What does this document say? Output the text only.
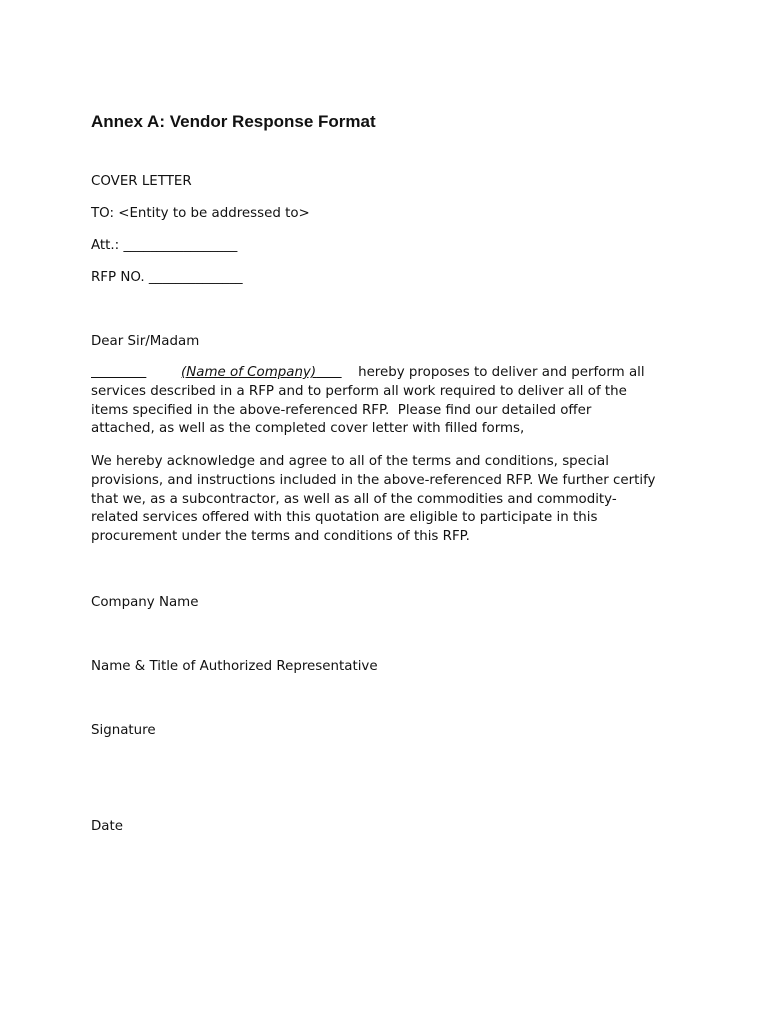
Annex A: Vendor Response Format
COVER LETTER
TO: <Entity to be addressed to>
Att.: _________________
RFP NO. ______________
Dear Sir/Madam
(Name of Company)	hereby proposes to deliver and perform all
services described in a RFP and to perform all work required to deliver all of the
items specified in the above-referenced RFP.  Please find our detailed offer
attached, as well as the completed cover letter with filled forms,
We hereby acknowledge and agree to all of the terms and conditions, special
provisions, and instructions included in the above-referenced RFP. We further certify
that we, as a subcontractor, as well as all of the commodities and commodity-
related services offered with this quotation are eligible to participate in this
procurement under the terms and conditions of this RFP.
Company Name
Name & Title of Authorized Representative
Signature
Date
